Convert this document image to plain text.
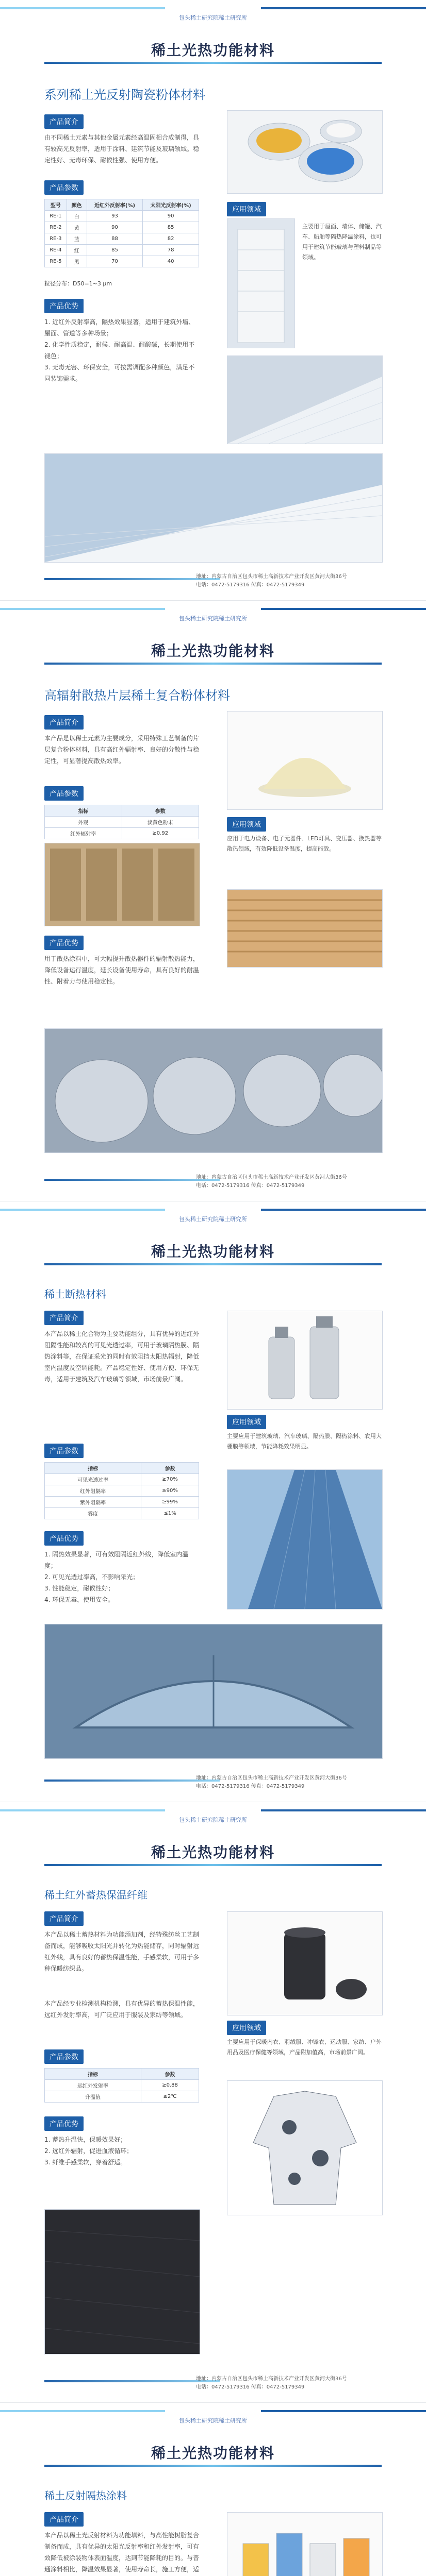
包头稀土研究院稀土研究所
稀土光热功能材料
系列稀土光反射陶瓷粉体材料
产品简介
由不同稀土元素与其他金属元素经高温固相合成制得，具有较高光反射率，适用于涂料、建筑节能及玻璃领域。稳定性好、无毒环保、耐候性强、使用方便。
产品参数
型号	颜色	近红外反射率(%)	太阳光反射率(%)
RE-1	白	93	90
RE-2	黄	90	85
RE-3	蓝	88	82
RE-4	红	85	78
RE-5	黑	70	40
粒径分布：D50=1~3 μm
产品优势
1. 近红外反射率高，隔热效果显著，适用于建筑外墙、屋面、管道等多种场景；
2. 化学性质稳定，耐候、耐高温、耐酸碱，长期使用不褪色；
3. 无毒无害、环保安全，可按需调配多种颜色，满足不同装饰需求。
应用领域
主要用于屋面、墙体、储罐、汽车、船舶等隔热降温涂料，也可用于建筑节能玻璃与塑料制品等领域。
地址：内蒙古自治区包头市稀土高新技术产业开发区黄河大街36号
电话：0472-5179316 传真：0472-5179349
包头稀土研究院稀土研究所
稀土光热功能材料
高辐射散热片层稀土复合粉体材料
产品简介
本产品是以稀土元素为主要成分，采用特殊工艺制备的片层复合粉体材料，具有高红外辐射率、良好的分散性与稳定性，可显著提高散热效率。
产品参数
指标	参数
外观	淡黄色粉末
红外辐射率	≥0.92
应用领域
应用于电力设备、电子元器件、LED灯具、变压器、换热器等散热领域，有效降低设备温度，提高能效。
产品优势
用于散热涂料中，可大幅提升散热器件的辐射散热能力，降低设备运行温度，延长设备使用寿命，具有良好的耐温性、附着力与使用稳定性。
地址：内蒙古自治区包头市稀土高新技术产业开发区黄河大街36号
电话：0472-5179316 传真：0472-5179349
包头稀土研究院稀土研究所
稀土光热功能材料
稀土断热材料
产品简介
本产品以稀土化合物为主要功能组分，具有优异的近红外阻隔性能和较高的可见光透过率，可用于玻璃隔热膜、隔热涂料等，在保证采光的同时有效阻挡太阳热辐射，降低室内温度及空调能耗。产品稳定性好、使用方便、环保无毒，适用于建筑及汽车玻璃等领域，市场前景广阔。
产品参数
指标	参数
可见光透过率	≥70%
红外阻隔率	≥90%
紫外阻隔率	≥99%
雾度	≤1%
产品优势
1. 隔热效果显著，可有效阻隔近红外线，降低室内温度；
2. 可见光透过率高，不影响采光；
3. 性能稳定，耐候性好；
4. 环保无毒，使用安全。
应用领域
主要应用于建筑玻璃、汽车玻璃、隔热膜、隔热涂料、农用大棚膜等领域，节能降耗效果明显。
地址：内蒙古自治区包头市稀土高新技术产业开发区黄河大街36号
电话：0472-5179316 传真：0472-5179349
包头稀土研究院稀土研究所
稀土光热功能材料
稀土红外蓄热保温纤维
产品简介
本产品以稀土蓄热材料为功能添加剂，经特殊纺丝工艺制备而成，能够吸收太阳光并转化为热能储存，同时辐射远红外线，具有良好的蓄热保温性能，手感柔软，可用于多种保暖纺织品。
本产品经专业检测机构检测，具有优异的蓄热保温性能，远红外发射率高，可广泛应用于服装及家纺等领域。
产品参数
指标	参数
远红外发射率	≥0.88
升温值	≥2℃
产品优势
1. 蓄热升温快，保暖效果好；
2. 远红外辐射，促进血液循环；
3. 纤维手感柔软，穿着舒适。
应用领域
主要应用于保暖内衣、羽绒服、冲锋衣、运动服、家纺、户外用品及医疗保健等领域，产品附加值高，市场前景广阔。
地址：内蒙古自治区包头市稀土高新技术产业开发区黄河大街36号
电话：0472-5179316 传真：0472-5179349
包头稀土研究院稀土研究所
稀土光热功能材料
稀土反射隔热涂料
产品简介
本产品以稀土光反射材料为功能填料，与高性能树脂复合制备而成，具有优异的太阳光反射率和红外发射率，可有效降低被涂装物体表面温度，达到节能降耗的目的。与普通涂料相比，降温效果显著，使用寿命长，施工方便，适
